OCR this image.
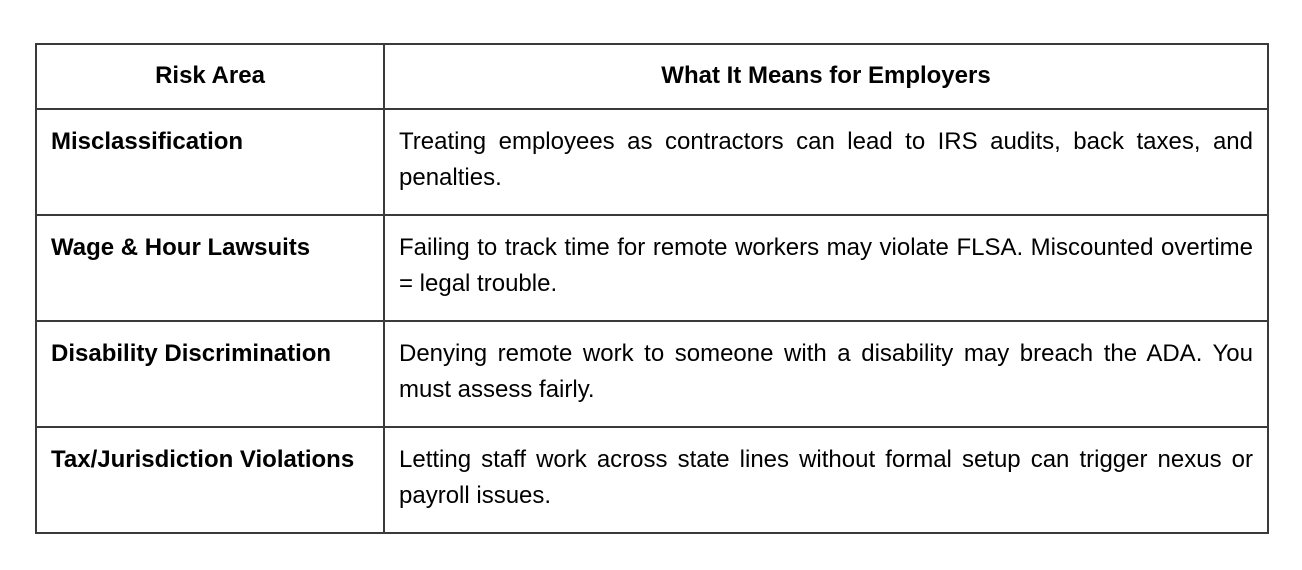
Risk Area	What It Means for Employers
Misclassification	Treating employees as contractors can lead to IRS audits, back taxes, and penalties.
Wage & Hour Lawsuits	Failing to track time for remote workers may violate FLSA. Miscounted overtime = legal trouble.
Disability Discrimination	Denying remote work to someone with a disability may breach the ADA. You must assess fairly.
Tax/Jurisdiction Violations	Letting staff work across state lines without formal setup can trigger nexus or payroll issues.
